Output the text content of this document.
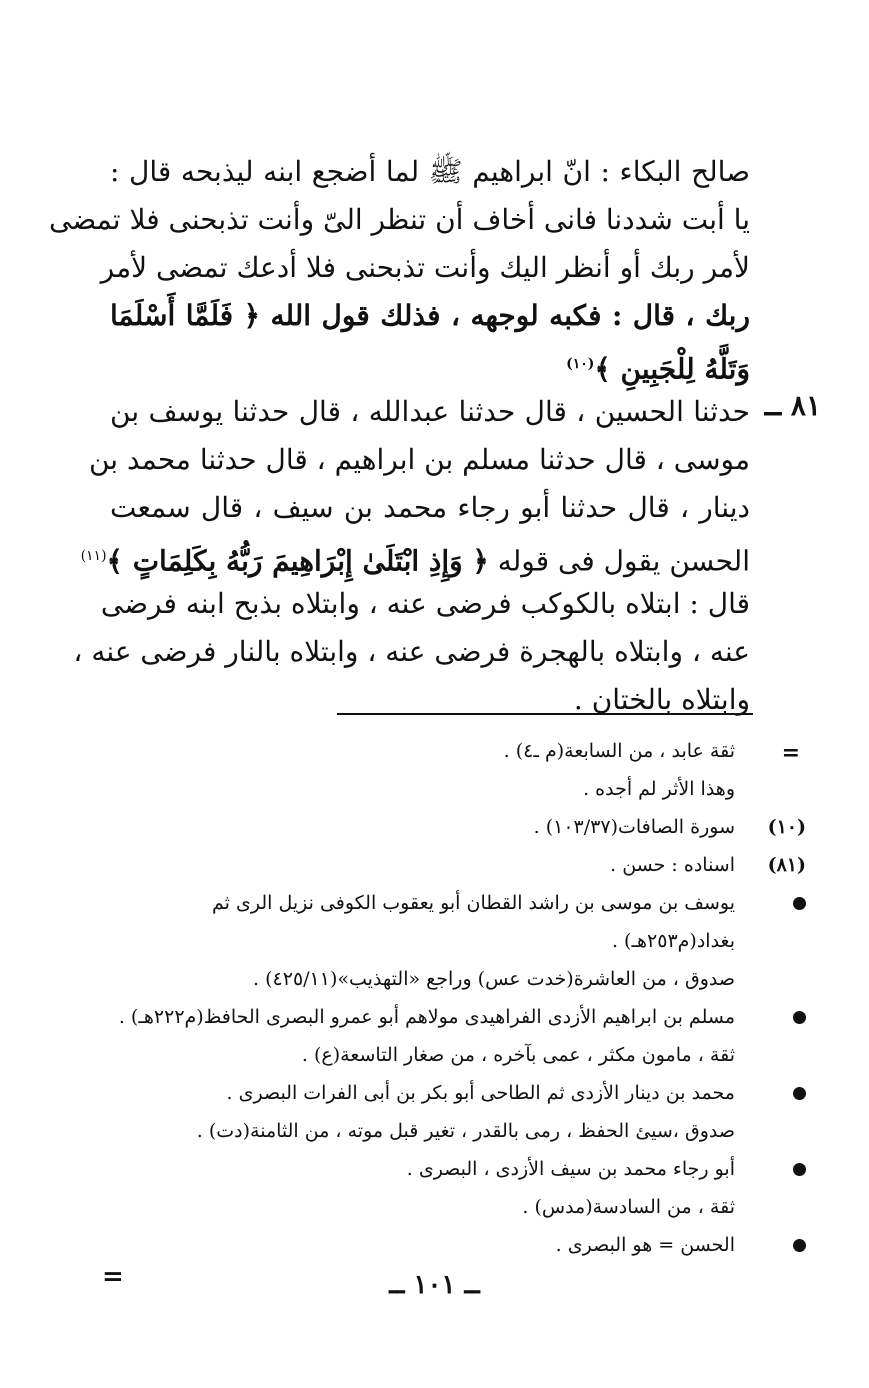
صالح البكاء : انّ ابراهيم ﷺ لما أضجع ابنه ليذبحه قال :
يا أبت شددنا فانى أخاف أن تنظر الىّ وأنت تذبحنى فلا تمضى
لأمر ربك أو أنظر اليك وأنت تذبحنى فلا أدعك تمضى لأمر
ربك ، قال : فكبه لوجهه ، فذلك قول الله ﴿ فَلَمَّا أَسْلَمَا
وَتَلَّهُ لِلْجَبِينِ ﴾$^{(١٠)}$
حدثنا الحسين ، قال حدثنا عبدالله ، قال حدثنا يوسف بن
موسى ، قال حدثنا مسلم بن ابراهيم ، قال حدثنا محمد بن
دينار ، قال حدثنا أبو رجاء محمد بن سيف ، قال سمعت
الحسن يقول فى قوله ﴿ وَإِذِ ابْتَلَىٰ إِبْرَاهِيمَ رَبُّهُ بِكَلِمَاتٍ ﴾$^{(١١)}$
قال : ابتلاه بالكوكب فرضى عنه ، وابتلاه بذبح ابنه فرضى
عنه ، وابتلاه بالهجرة فرضى عنه ، وابتلاه بالنار فرضى عنه ،
وابتلاه بالختان .
٨١ ــ
=
ثقة عابد ، من السابعة(م ـ٤) .
وهذا الأثر لم أجده .
(١٠)
سورة الصافات(١٠٣/٣٧) .
(٨١)
اسناده : حسن .
يوسف بن موسى بن راشد القطان أبو يعقوب الكوفى نزيل الرى ثم
بغداد(م٢٥٣هـ) .
صدوق ، من العاشرة(خدت عس) وراجع «التهذيب»(٤٢٥/١١) .
مسلم بن ابراهيم الأزدى الفراهيدى مولاهم أبو عمرو البصرى الحافظ(م٢٢٢هـ) .
ثقة ، مامون مكثر ، عمى بآخره ، من صغار التاسعة(ع) .
محمد بن دينار الأزدى ثم الطاحى أبو بكر بن أبى الفرات البصرى .
صدوق ،سيئ الحفظ ، رمى بالقدر ، تغير قبل موته ، من الثامنة(دت) .
أبو رجاء محمد بن سيف الأزدى ، البصرى .
ثقة ، من السادسة(مدس) .
الحسن = هو البصرى .
=	ــ ١٠١ ــ
